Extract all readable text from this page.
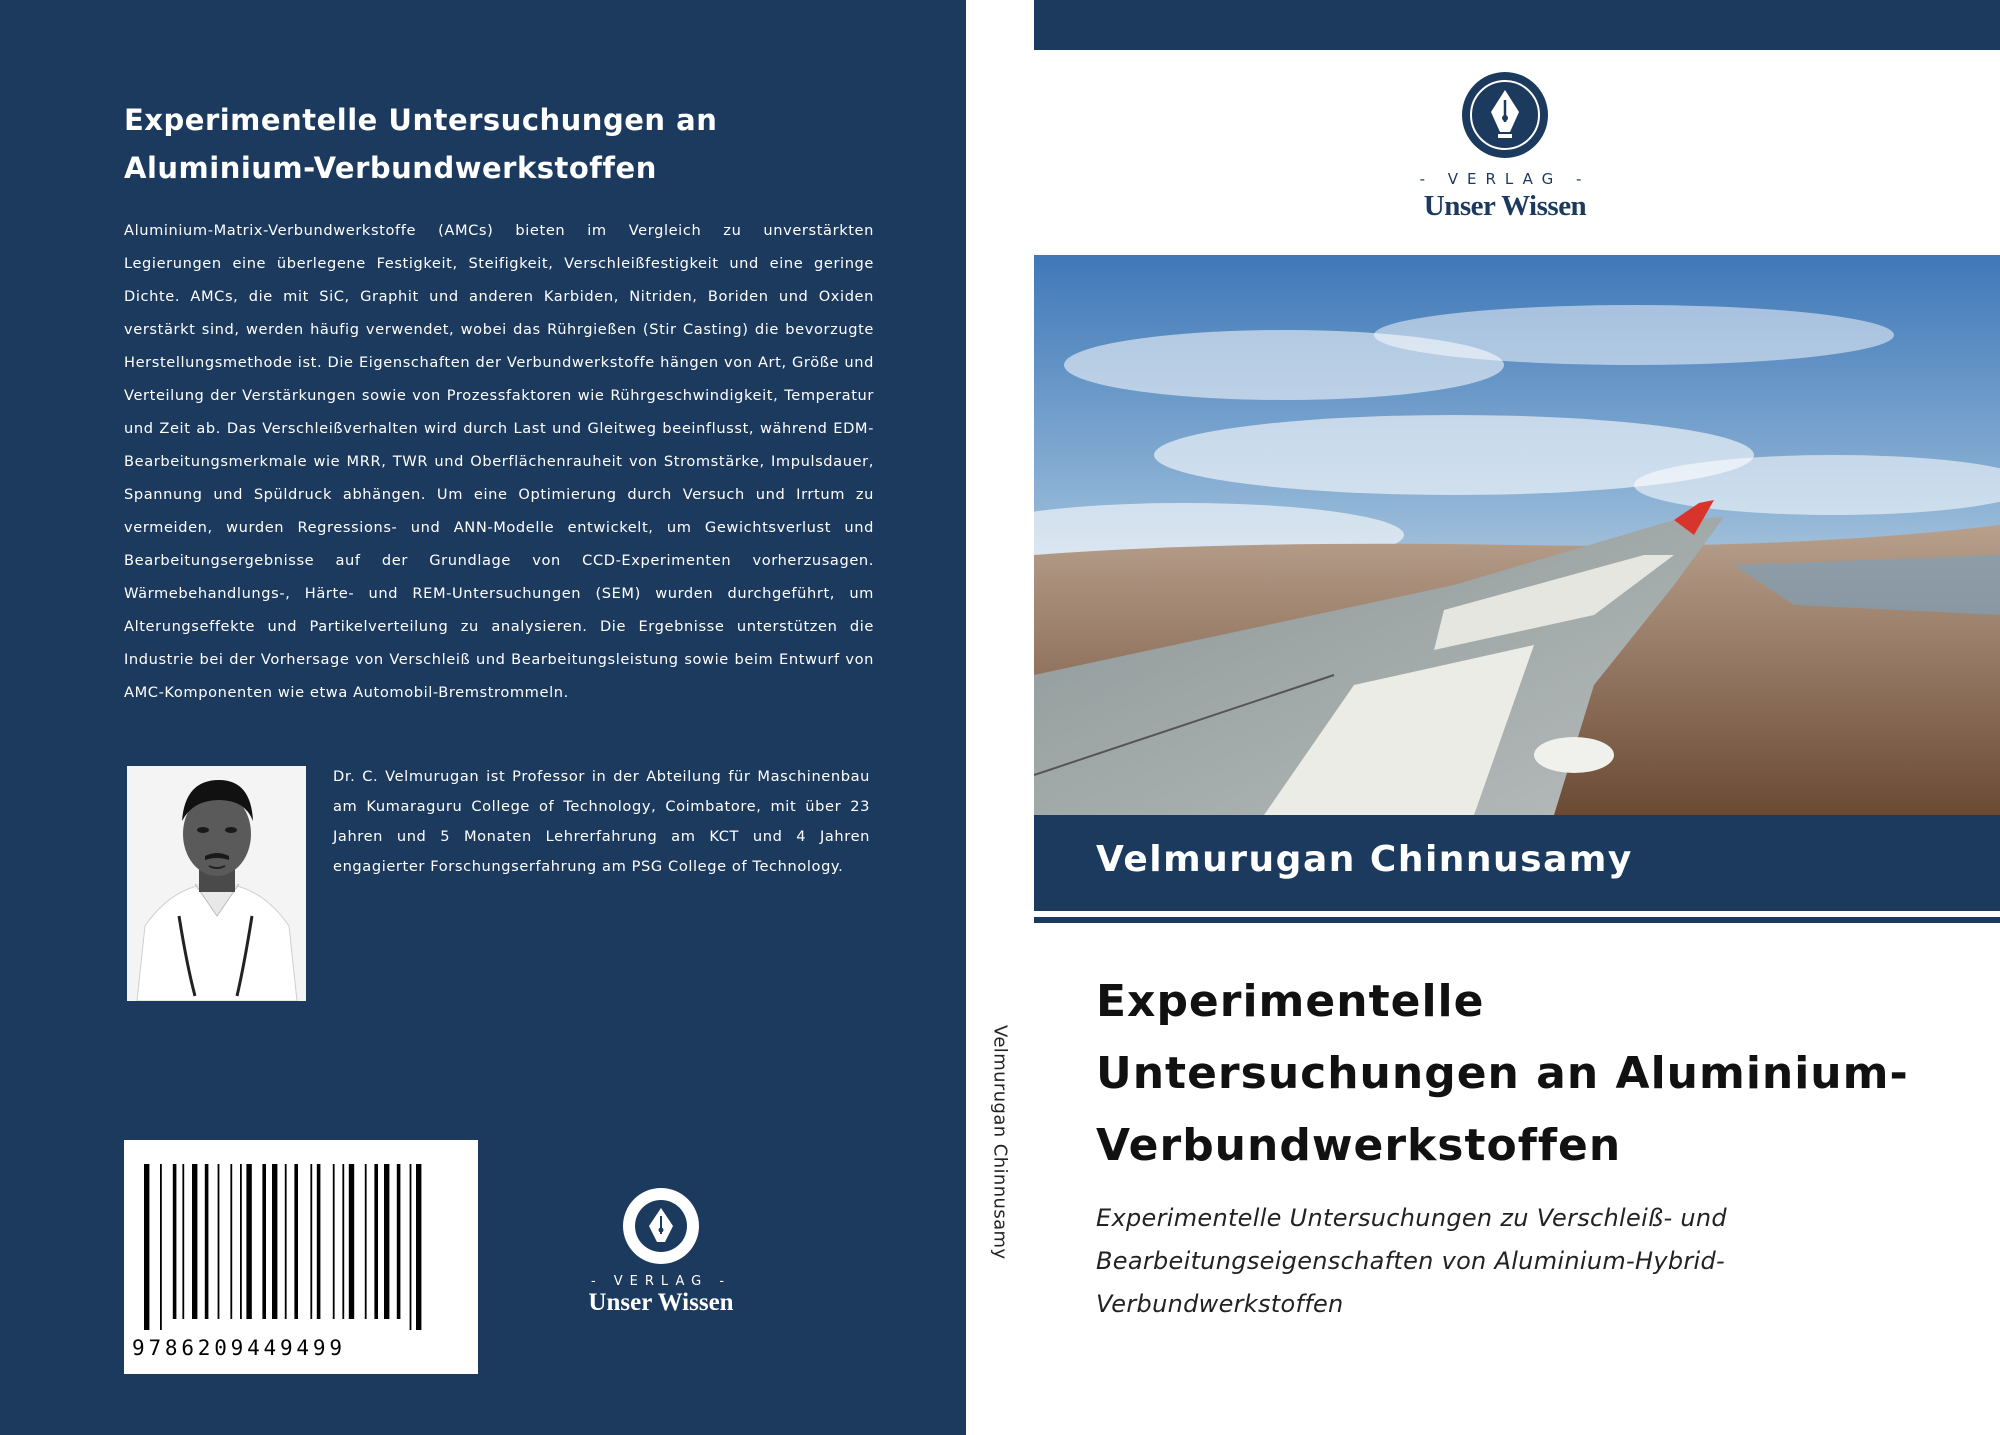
Experimentelle Untersuchungen an
Aluminium-Verbundwerkstoffen

Aluminium-Matrix-Verbundwerkstoffe (AMCs) bieten im Vergleich zu unverstärkten Legierungen eine überlegene Festigkeit, Steifigkeit, Verschleißfestigkeit und eine geringe Dichte. AMCs, die mit SiC, Graphit und anderen Karbiden, Nitriden, Boriden und Oxiden verstärkt sind, werden häufig verwendet, wobei das Rührgießen (Stir Casting) die bevorzugte Herstellungsmethode ist. Die Eigenschaften der Verbundwerkstoffe hängen von Art, Größe und Verteilung der Verstärkungen sowie von Prozessfaktoren wie Rührgeschwindigkeit, Temperatur und Zeit ab. Das Verschleißverhalten wird durch Last und Gleitweg beeinflusst, während EDM-Bearbeitungsmerkmale wie MRR, TWR und Oberflächenrauheit von Stromstärke, Impulsdauer, Spannung und Spüldruck abhängen. Um eine Optimierung durch Versuch und Irrtum zu vermeiden, wurden Regressions- und ANN-Modelle entwickelt, um Gewichtsverlust und Bearbeitungsergebnisse auf der Grundlage von CCD-Experimenten vorherzusagen. Wärmebehandlungs-, Härte- und REM-Untersuchungen (SEM) wurden durchgeführt, um Alterungseffekte und Partikelverteilung zu analysieren. Die Ergebnisse unterstützen die Industrie bei der Vorhersage von Verschleiß und Bearbeitungsleistung sowie beim Entwurf von AMC-Komponenten wie etwa Automobil-Bremstrommeln.

Dr. C. Velmurugan ist Professor in der Abteilung für Maschinenbau am Kumaraguru College of Technology, Coimbatore, mit über 23 Jahren und 5 Monaten Lehrerfahrung am KCT und 4 Jahren engagierter Forschungserfahrung am PSG College of Technology.

9786209449499
- VERLAG -
Unser Wissen
Velmurugan Chinnusamy
- VERLAG -
Unser Wissen

Velmurugan Chinnusamy

Experimentelle
Untersuchungen an Aluminium-
Verbundwerkstoffen

Experimentelle Untersuchungen zu Verschleiß- und
Bearbeitungseigenschaften von Aluminium-Hybrid-
Verbundwerkstoffen
